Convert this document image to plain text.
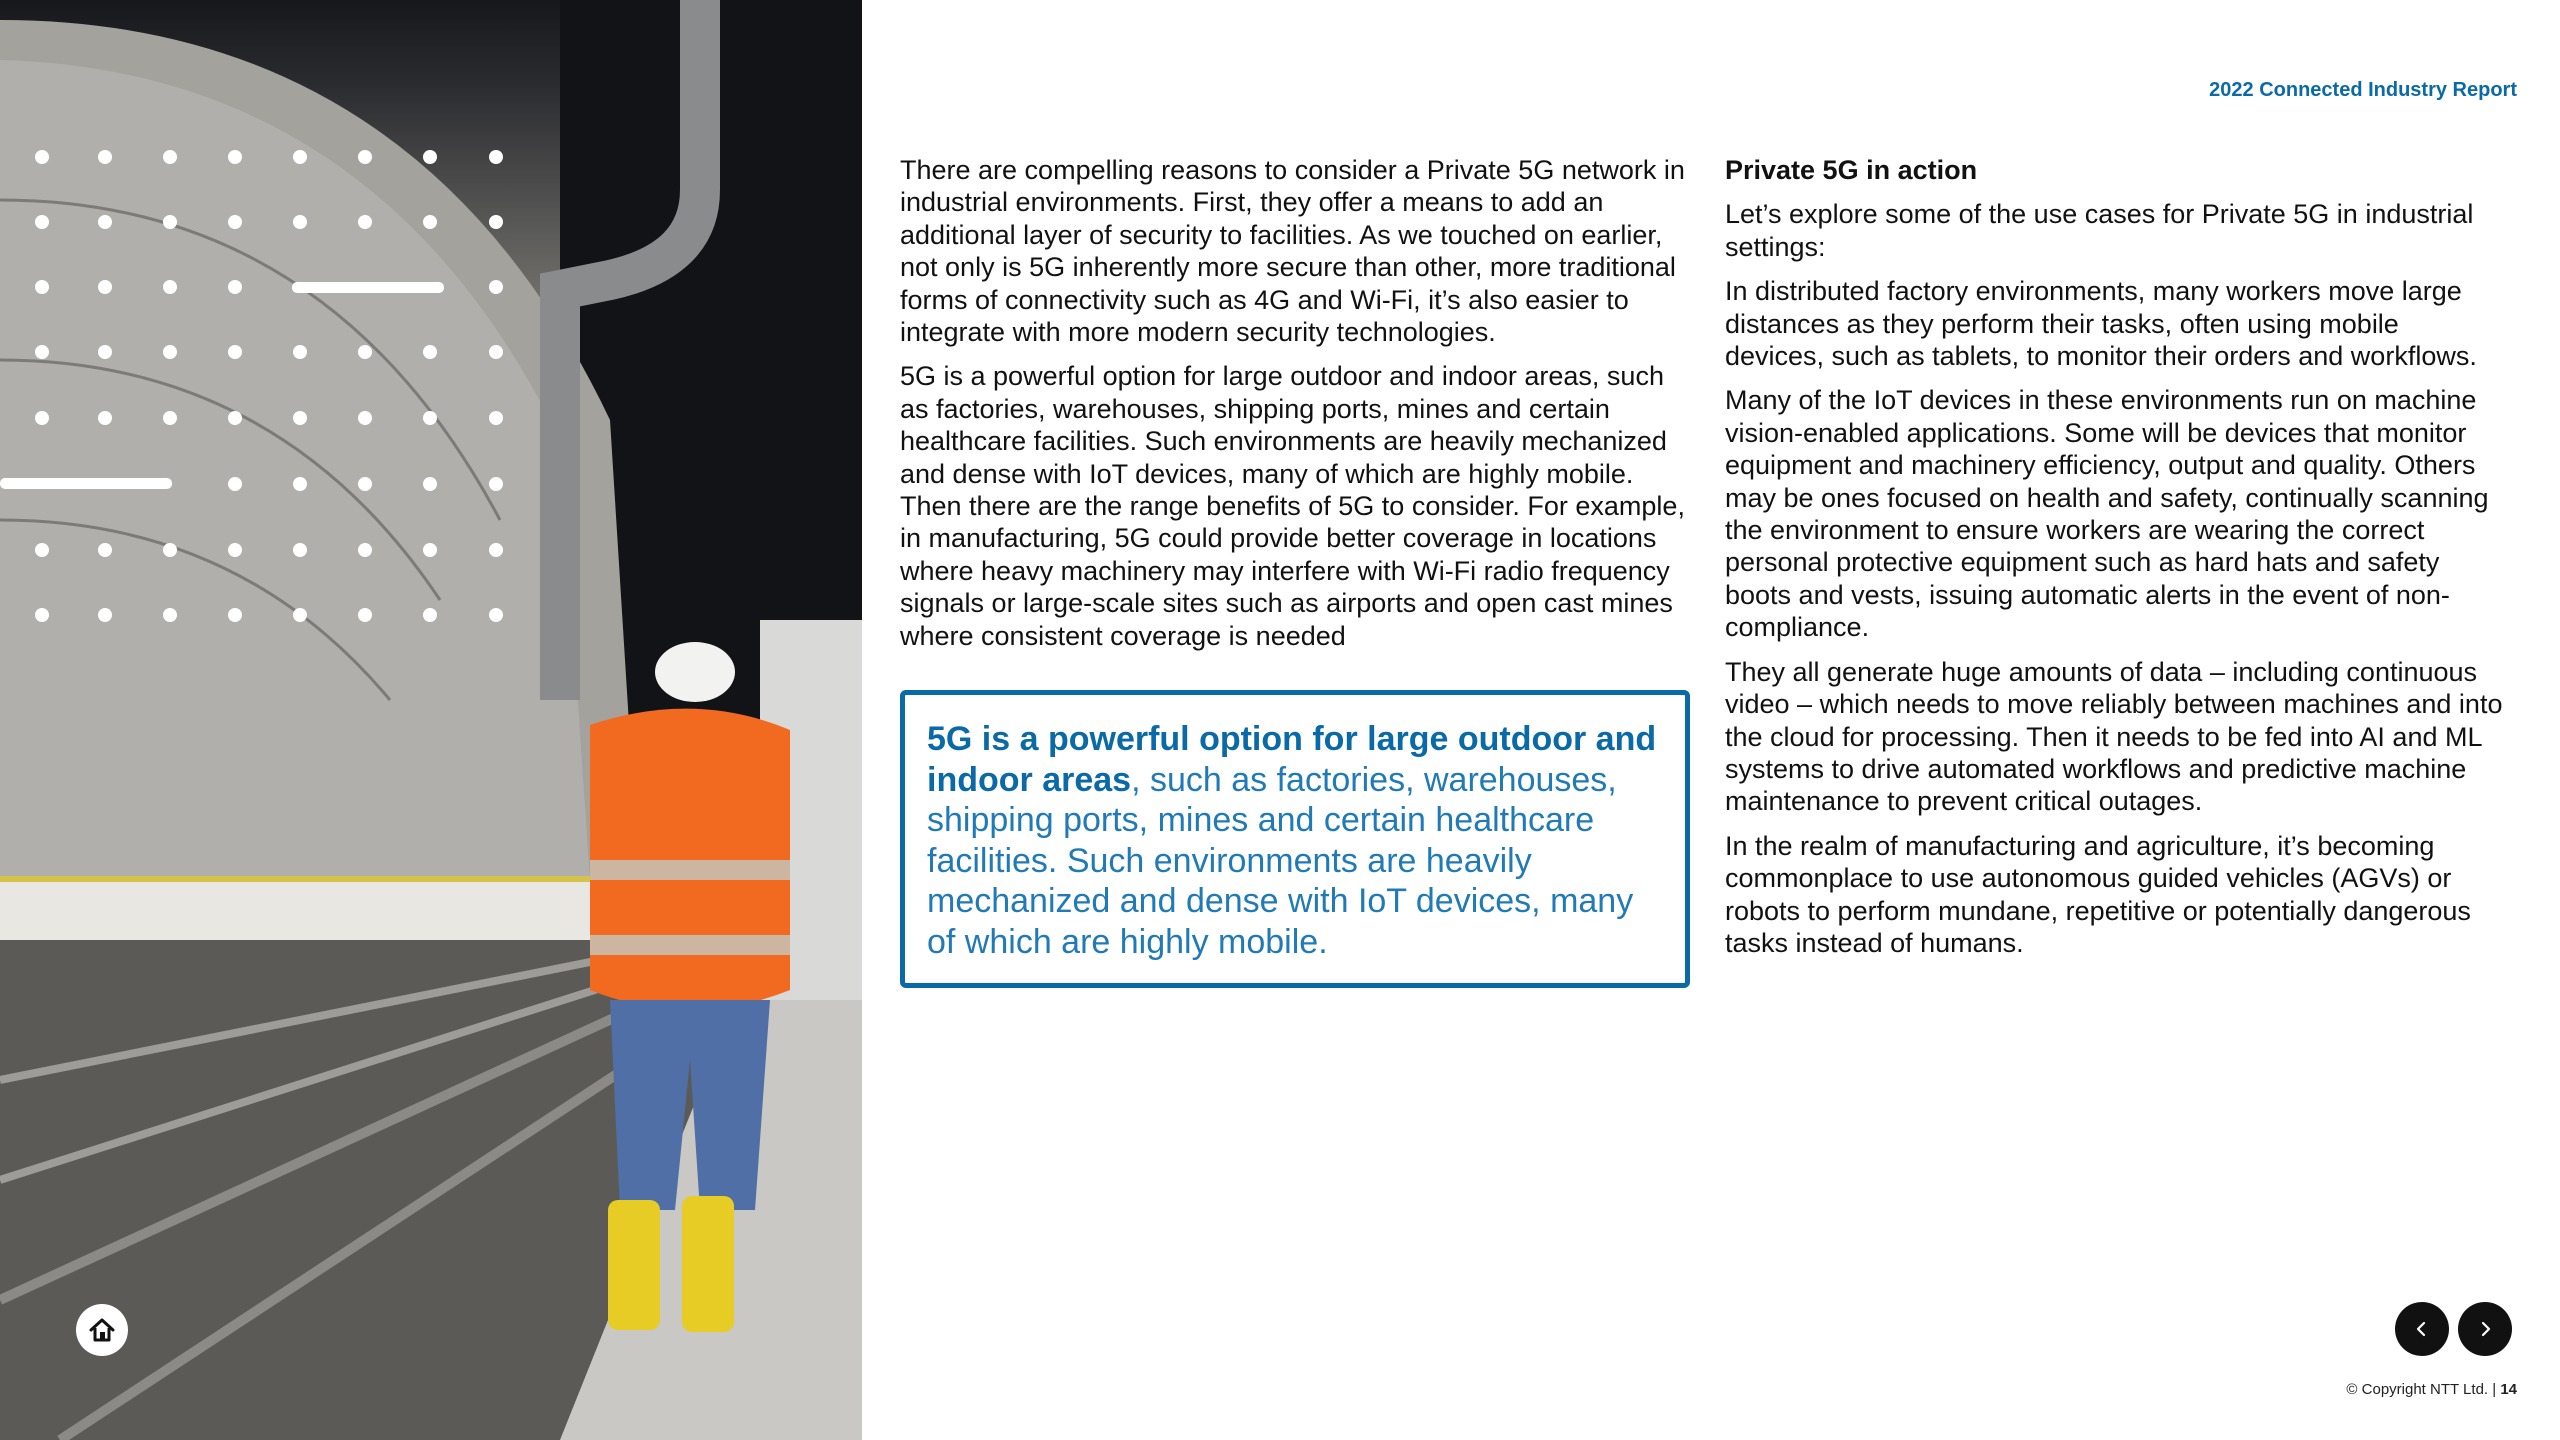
2022 Connected Industry Report

There are compelling reasons to consider a Private 5G network in industrial environments. First, they offer a means to add an additional layer of security to facilities. As we touched on earlier, not only is 5G inherently more secure than other, more traditional forms of connectivity such as 4G and Wi-Fi, it’s also easier to integrate with more modern security technologies.

5G is a powerful option for large outdoor and indoor areas, such as factories, warehouses, shipping ports, mines and certain healthcare facilities. Such environments are heavily mechanized and dense with IoT devices, many of which are highly mobile. Then there are the range benefits of 5G to consider. For example, in manufacturing, 5G could provide better coverage in locations where heavy machinery may interfere with Wi-Fi radio frequency signals or large-scale sites such as airports and open cast mines where consistent coverage is needed

5G is a powerful option for large outdoor and indoor areas, such as factories, warehouses, shipping ports, mines and certain healthcare facilities. Such environments are heavily mechanized and dense with IoT devices, many of which are highly mobile.
Private 5G in action

Let’s explore some of the use cases for Private 5G in industrial settings:

In distributed factory environments, many workers move large distances as they perform their tasks, often using mobile devices, such as tablets, to monitor their orders and workflows.

Many of the IoT devices in these environments run on machine vision-enabled applications. Some will be devices that monitor equipment and machinery efficiency, output and quality. Others may be ones focused on health and safety, continually scanning the environment to ensure workers are wearing the correct personal protective equipment such as hard hats and safety boots and vests, issuing automatic alerts in the event of non-compliance.

They all generate huge amounts of data – including continuous video – which needs to move reliably between machines and into the cloud for processing. Then it needs to be fed into AI and ML systems to drive automated workflows and predictive machine maintenance to prevent critical outages.

In the realm of manufacturing and agriculture, it’s becoming commonplace to use autonomous guided vehicles (AGVs) or robots to perform mundane, repetitive or potentially dangerous tasks instead of humans.

© Copyright NTT Ltd. | 14
